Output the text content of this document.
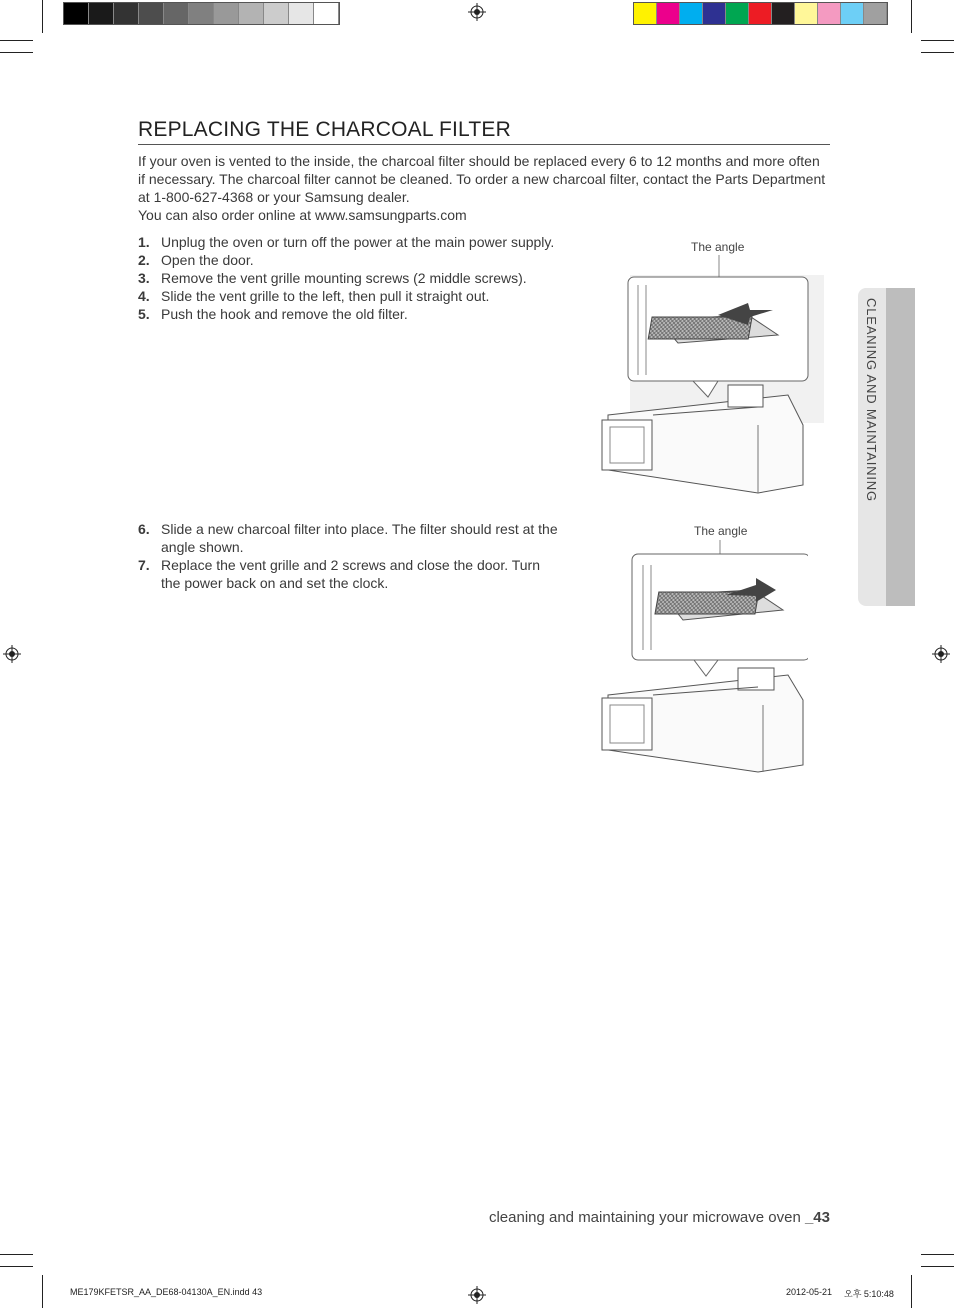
REPLACING THE CHARCOAL FILTER

If your oven is vented to the inside, the charcoal filter should be replaced every 6 to 12 months and more often if necessary. The charcoal filter cannot be cleaned. To order a new charcoal filter, contact the Parts Department at 1-800-627-4368 or your Samsung dealer.

You can also order online at www.samsungparts.com

1. Unplug the oven or turn off the power at the main power supply.
2. Open the door.
3. Remove the vent grille mounting screws (2 middle screws).
4. Slide the vent grille to the left, then pull it straight out.
5. Push the hook and remove the old filter.
6. Slide a new charcoal filter into place. The filter should rest at the angle shown.
7. Replace the vent grille and 2 screws and close the door. Turn the power back on and set the clock.
The angle
The angle
CLEANING AND MAINTAINING
cleaning and maintaining your microwave oven _43
ME179KFETSR_AA_DE68-04130A_EN.indd 43	2012-05-21 오후 5:10:48
